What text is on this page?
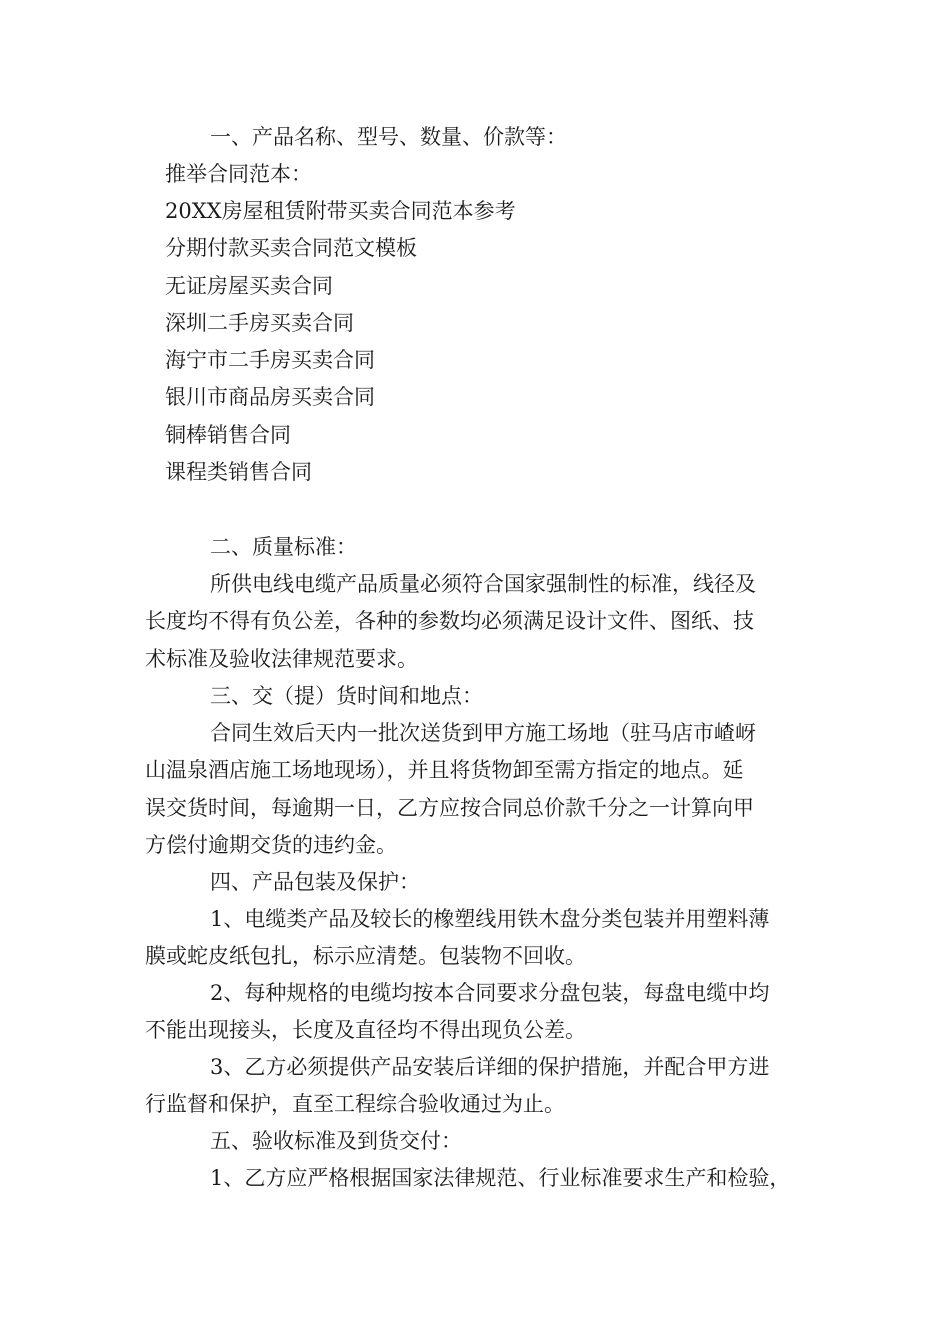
一、产品名称、型号、数量、价款等：
推举合同范本：
20XX房屋租赁附带买卖合同范本参考
分期付款买卖合同范文模板
无证房屋买卖合同
深圳二手房买卖合同
海宁市二手房买卖合同
银川市商品房买卖合同
铜棒销售合同
课程类销售合同
二、质量标准：
所供电线电缆产品质量必须符合国家强制性的标准，线径及
长度均不得有负公差，各种的参数均必须满足设计文件、图纸、技
术标准及验收法律规范要求。
三、交（提）货时间和地点：
合同生效后天内一批次送货到甲方施工场地（驻马店市嵖岈
山温泉酒店施工场地现场），并且将货物卸至需方指定的地点。延
误交货时间，每逾期一日，乙方应按合同总价款千分之一计算向甲
方偿付逾期交货的违约金。
四、产品包装及保护：
1、电缆类产品及较长的橡塑线用铁木盘分类包装并用塑料薄
膜或蛇皮纸包扎，标示应清楚。包装物不回收。
2、每种规格的电缆均按本合同要求分盘包装，每盘电缆中均
不能出现接头，长度及直径均不得出现负公差。
3、乙方必须提供产品安装后详细的保护措施，并配合甲方进
行监督和保护，直至工程综合验收通过为止。
五、验收标准及到货交付：
1、乙方应严格根据国家法律规范、行业标准要求生产和检验，
